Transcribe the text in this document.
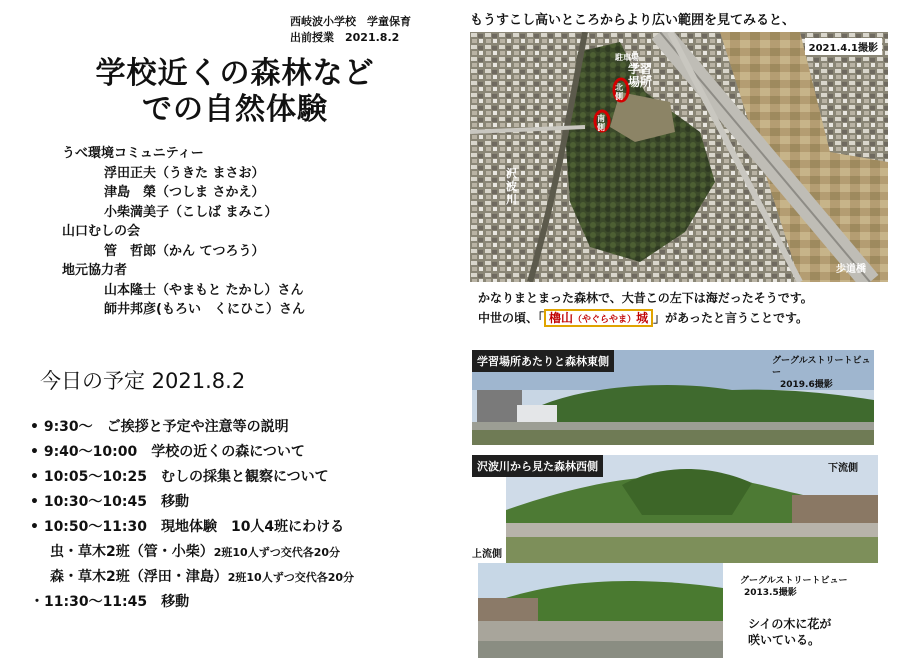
西岐波小学校　学童保育
出前授業　2021.8.2
学校近くの森林など
での自然体験
うべ環境コミュニティー
浮田正夫（うきた まさお）
津島　榮（つしま さかえ）
小柴満美子（こしば まみこ）
山口むしの会
管　哲郎（かん てつろう）
地元協力者
山本隆士（やまもと たかし）さん
師井邦彦(もろい　くにひこ）さん
今日の予定 2021.8.2
• 9:30～　ご挨拶と予定や注意等の説明
• 9:40～10:00　学校の近くの森について
• 10:05～10:25　むしの採集と観察について
• 10:30～10:45　移動
• 10:50～11:30　現地体験　10人4班にわける
虫・草木2班（管・小柴）2班10人ずつ交代各20分
森・草木2班（浮田・津島）2班10人ずつ交代各20分
・11:30～11:45　移動
もうすこし高いところからより広い範囲を見てみると、
2021.4.1撮影
駐車場
学習場所
北側
南側
沢波川
歩道橋
かなりまとまった森林で、大昔この左下は海だったそうです。
中世の頃、「 櫓山（やぐらやま）城 」があったと言うことです。
学習場所あたりと森林東側	グーグルストリートビュー
2019.6撮影
沢波川から見た森林西側	下流側
上流側
グーグルストリートビュー
2013.5撮影
シイの木に花が
咲いている。
